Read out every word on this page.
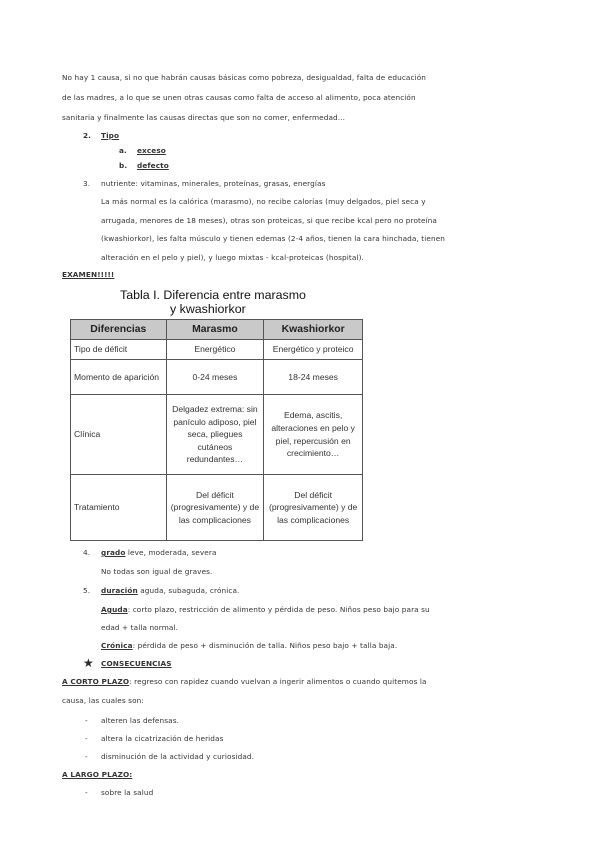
No hay 1 causa, si no que habrán causas básicas como pobreza, desigualdad, falta de educación
de las madres, a lo que se unen otras causas como falta de acceso al alimento, poca atención
sanitaria y finalmente las causas directas que son no comer, enfermedad...
2. Tipo
a. exceso
b. defecto
3. nutriente: vitaminas, minerales, proteínas, grasas, energías
La más normal es la calórica (marasmo), no recibe calorías (muy delgados, piel seca y
arrugada, menores de 18 meses), otras son proteicas, si que recibe kcal pero no proteína
(kwashiorkor), les falta músculo y tienen edemas (2-4 años, tienen la cara hinchada, tienen
alteración en el pelo y piel), y luego mixtas - kcal-proteicas (hospital).
EXAMEN!!!!!
Tabla I. Diferencia entre marasmo
y kwashiorkor
Diferencias	Marasmo	Kwashiorkor
Tipo de déficit	Energético	Energético y proteico
Momento de aparición	0-24 meses	18-24 meses
Clínica	Delgadez extrema: sin panículo adiposo, piel seca, pliegues cutáneos redundantes…	Edema, ascitis, alteraciones en pelo y piel, repercusión en crecimiento…
Tratamiento	Del déficit (progresivamente) y de las complicaciones	Del déficit (progresivamente) y de las complicaciones
4. grado leve, moderada, severa
No todas son igual de graves.
5. duración aguda, subaguda, crónica.
Aguda: corto plazo, restricción de alimento y pérdida de peso. Niños peso bajo para su
edad + talla normal.
Crónica: pérdida de peso + disminución de talla. Niños peso bajo + talla baja.
★ CONSECUENCIAS
A CORTO PLAZO: regreso con rapidez cuando vuelvan a ingerir alimentos o cuando quitemos la
causa, las cuales son:
- alteren las defensas.
- altera la cicatrización de heridas
- disminución de la actividad y curiosidad.
A LARGO PLAZO:
- sobre la salud
